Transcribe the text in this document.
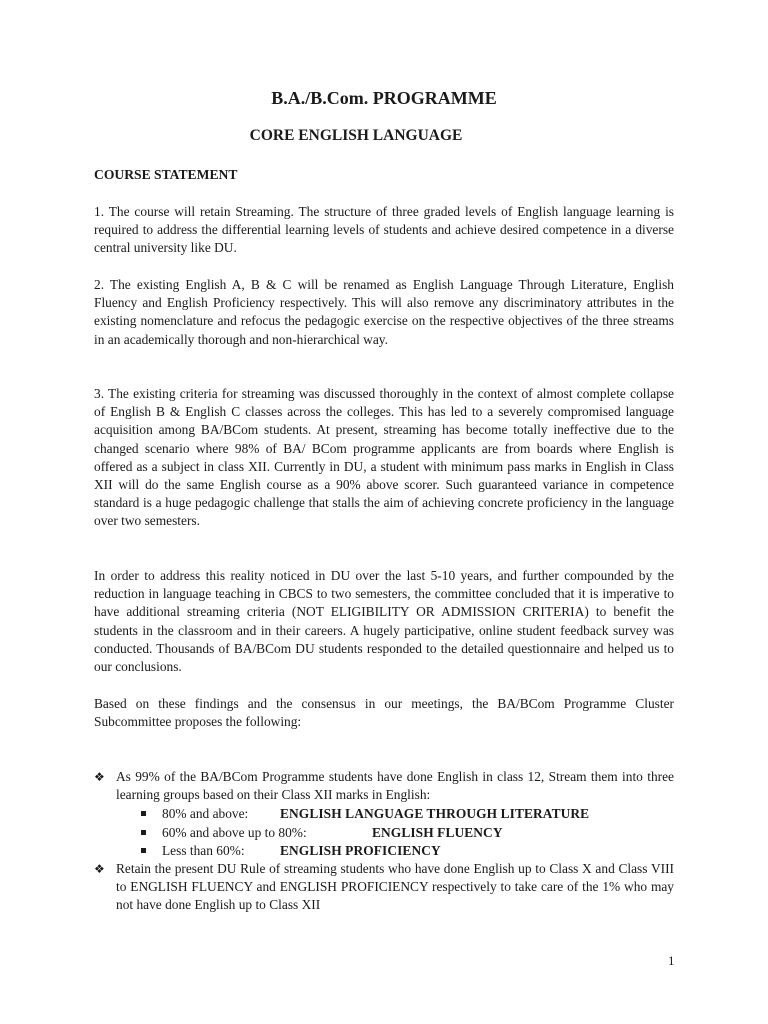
B.A./B.Com. PROGRAMME
CORE ENGLISH LANGUAGE
COURSE STATEMENT

1. The course will retain Streaming. The structure of three graded levels of English language learning is required to address the differential learning levels of students and achieve desired competence in a diverse central university like DU.

2. The existing English A, B & C will be renamed as English Language Through Literature, English Fluency and English Proficiency respectively. This will also remove any discriminatory attributes in the existing nomenclature and refocus the pedagogic exercise on the respective objectives of the three streams in an academically thorough and non-hierarchical way.

3. The existing criteria for streaming was discussed thoroughly in the context of almost complete collapse of English B & English C classes across the colleges. This has led to a severely compromised language acquisition among BA/BCom students. At present, streaming has become totally ineffective due to the changed scenario where 98% of BA/ BCom programme applicants are from boards where English is offered as a subject in class XII. Currently in DU, a student with minimum pass marks in English in Class XII will do the same English course as a 90% above scorer. Such guaranteed variance in competence standard is a huge pedagogic challenge that stalls the aim of achieving concrete proficiency in the language over two semesters.

In order to address this reality noticed in DU over the last 5-10 years, and further compounded by the reduction in language teaching in CBCS to two semesters, the committee concluded that it is imperative to have additional streaming criteria (NOT ELIGIBILITY OR ADMISSION CRITERIA) to benefit the students in the classroom and in their careers. A hugely participative, online student feedback survey was conducted. Thousands of BA/BCom DU students responded to the detailed questionnaire and helped us to our conclusions.

Based on these findings and the consensus in our meetings, the BA/BCom Programme Cluster Subcommittee proposes the following:

❖ As 99% of the BA/BCom Programme students have done English in class 12, Stream them into three learning groups based on their Class XII marks in English:
80% and above: ENGLISH LANGUAGE THROUGH LITERATURE
60% and above up to 80%:	ENGLISH FLUENCY
Less than 60%:	ENGLISH PROFICIENCY
❖ Retain the present DU Rule of streaming students who have done English up to Class X and Class VIII to ENGLISH FLUENCY and ENGLISH PROFICIENCY respectively to take care of the 1% who may not have done English up to Class XII
1
